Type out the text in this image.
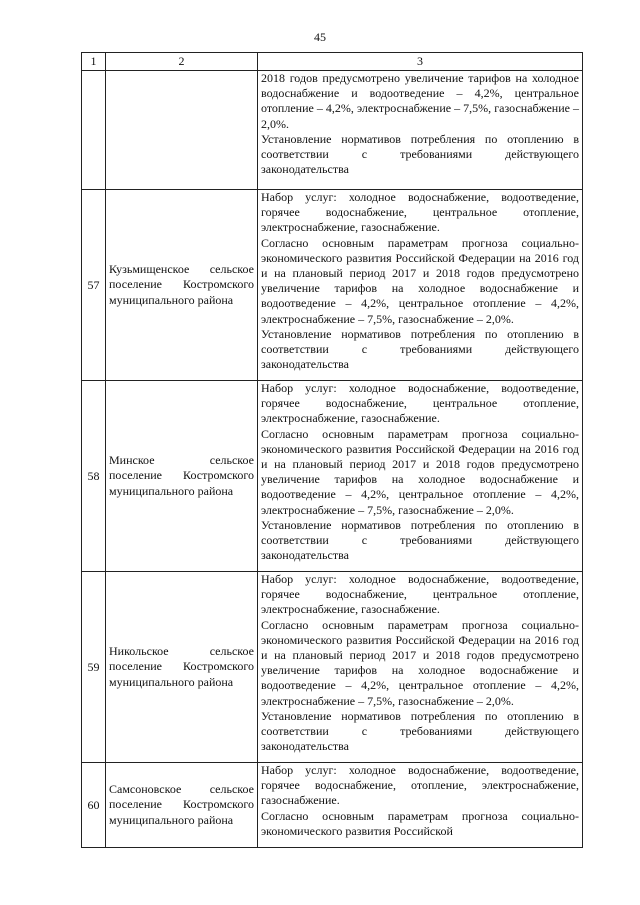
45
1	2	3

		2018 годов предусмотрено увеличение тарифов на холодное водоснабжение и водоотведение – 4,2%, центральное отопление – 4,2%, электроснабжение – 7,5%, газоснабжение – 2,0%.

Установление нормативов потребления по отоплению в соответствии с требованиями действующего законодательства

57	Кузьмищенское сельское поселение Костромского муниципального района	Набор услуг: холодное водоснабжение, водоотведение, горячее водоснабжение, центральное отопление, электроснабжение, газоснабжение.

Согласно основным параметрам прогноза социально-экономического развития Российской Федерации на 2016 год и на плановый период 2017 и 2018 годов предусмотрено увеличение тарифов на холодное водоснабжение и водоотведение – 4,2%, центральное отопление – 4,2%, электроснабжение – 7,5%, газоснабжение – 2,0%.

Установление нормативов потребления по отоплению в соответствии с требованиями действующего законодательства

58	Минское сельское поселение Костромского муниципального района	Набор услуг: холодное водоснабжение, водоотведение, горячее водоснабжение, центральное отопление, электроснабжение, газоснабжение.

Согласно основным параметрам прогноза социально-экономического развития Российской Федерации на 2016 год и на плановый период 2017 и 2018 годов предусмотрено увеличение тарифов на холодное водоснабжение и водоотведение – 4,2%, центральное отопление – 4,2%, электроснабжение – 7,5%, газоснабжение – 2,0%.

Установление нормативов потребления по отоплению в соответствии с требованиями действующего законодательства

59	Никольское сельское поселение Костромского муниципального района	Набор услуг: холодное водоснабжение, водоотведение, горячее водоснабжение, центральное отопление, электроснабжение, газоснабжение.

Согласно основным параметрам прогноза социально-экономического развития Российской Федерации на 2016 год и на плановый период 2017 и 2018 годов предусмотрено увеличение тарифов на холодное водоснабжение и водоотведение – 4,2%, центральное отопление – 4,2%, электроснабжение – 7,5%, газоснабжение – 2,0%.

Установление нормативов потребления по отоплению в соответствии с требованиями действующего законодательства

60	Самсоновское сельское поселение Костромского муниципального района	Набор услуг: холодное водоснабжение, водоотведение, горячее водоснабжение, отопление, электроснабжение, газоснабжение.

Согласно основным параметрам прогноза социально-экономического развития Российской
